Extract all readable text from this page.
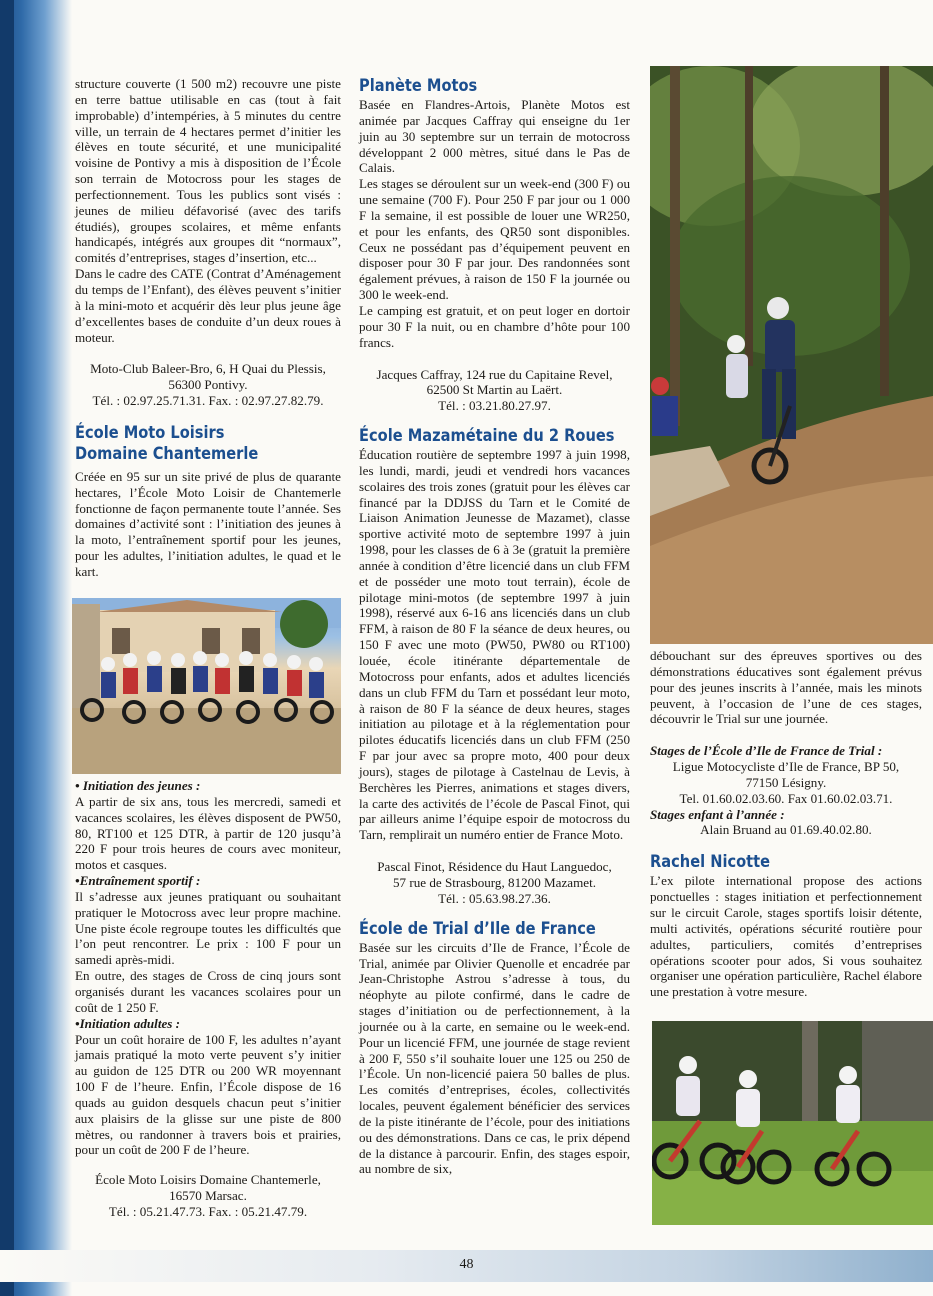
48

structure couverte (1 500 m2) recouvre une piste en terre battue utilisable en cas (tout à fait improbable) d’intempéries, à 5 minutes du centre ville, un terrain de 4 hectares permet d’initier les élèves en toute sécurité, et une municipalité voisine de Pontivy a mis à disposition de l’École son terrain de Motocross pour les stages de perfectionnement. Tous les publics sont visés : jeunes de milieu défavorisé (avec des tarifs étudiés), groupes scolaires, et même enfants handicapés, intégrés aux groupes dit “normaux”, comités d’entreprises, stages d’insertion, etc...

Dans le cadre des CATE (Contrat d’Aménagement du temps de l’Enfant), des élèves peuvent s’initier à la mini-moto et acquérir dès leur plus jeune âge d’excellentes bases de conduite d’un deux roues à moteur.

Moto-Club Baleer-Bro, 6, H Quai du Plessis,

56300 Pontivy.

Tél. : 02.97.25.71.31. Fax. : 02.97.27.82.79.

École Moto Loisirs
Domaine Chantemerle

Créée en 95 sur un site privé de plus de quarante hectares, l’École Moto Loisir de Chantemerle fonctionne de façon permanente toute l’année. Ses domaines d’activité sont : l’initiation des jeunes à la moto, l’entraînement sportif pour les jeunes, pour les adultes, l’initiation adultes, le quad et le kart.

• Initiation des jeunes :

A partir de six ans, tous les mercredi, samedi et vacances scolaires, les élèves disposent de PW50, 80, RT100 et 125 DTR, à partir de 120 jusqu’à 220 F pour trois heures de cours avec moniteur, motos et casques.

•Entraînement sportif :

Il s’adresse aux jeunes pratiquant ou souhaitant pratiquer le Motocross avec leur propre machine. Une piste école regroupe toutes les difficultés que l’on peut rencontrer. Le prix : 100 F pour un samedi après-midi.

En outre, des stages de Cross de cinq jours sont organisés durant les vacances scolaires pour un coût de 1 250 F.

•Initiation adultes :

Pour un coût horaire de 100 F, les adultes n’ayant jamais pratiqué la moto verte peuvent s’y initier au guidon de 125 DTR ou 200 WR moyennant 100 F de l’heure. Enfin, l’École dispose de 16 quads au guidon desquels chacun peut s’initier aux plaisirs de la glisse sur une piste de 800 mètres, ou randonner à travers bois et prairies, pour un coût de 200 F de l’heure.

École Moto Loisirs Domaine Chantemerle,

16570 Marsac.

Tél. : 05.21.47.73. Fax. : 05.21.47.79.

Planète Motos

Basée en Flandres-Artois, Planète Motos est animée par Jacques Caffray qui enseigne du 1er juin au 30 septembre sur un terrain de motocross développant 2 000 mètres, situé dans le Pas de Calais.

Les stages se déroulent sur un week-end (300 F) ou une semaine (700 F). Pour 250 F par jour ou 1 000 F la semaine, il est possible de louer une WR250, et pour les enfants, des QR50 sont disponibles. Ceux ne possédant pas d’équipement peuvent en disposer pour 30 F par jour. Des randonnées sont également prévues, à raison de 150 F la journée ou 300 le week-end.

Le camping est gratuit, et on peut loger en dortoir pour 30 F la nuit, ou en chambre d’hôte pour 100 francs.

Jacques Caffray, 124 rue du Capitaine Revel,

62500 St Martin au Laërt.

Tél. : 03.21.80.27.97.

École Mazamétaine du 2 Roues

Éducation routière de septembre 1997 à juin 1998, les lundi, mardi, jeudi et vendredi hors vacances scolaires des trois zones (gratuit pour les élèves car financé par la DDJSS du Tarn et le Comité de Liaison Animation Jeunesse de Mazamet), classe sportive activité moto de septembre 1997 à juin 1998, pour les classes de 6 à 3e (gratuit la première année à condition d’être licencié dans un club FFM et de posséder une moto tout terrain), école de pilotage mini-motos (de septembre 1997 à juin 1998), réservé aux 6-16 ans licenciés dans un club FFM, à raison de 80 F la séance de deux heures, ou 150 F avec une moto (PW50, PW80 ou RT100) louée, école itinérante départementale de Motocross pour enfants, ados et adultes licenciés dans un club FFM du Tarn et possédant leur moto, à raison de 80 F la séance de deux heures, stages initiation au pilotage et à la réglementation pour pilotes éducatifs licenciés dans un club FFM (250 F par jour avec sa propre moto, 400 pour deux jours), stages de pilotage à Castelnau de Levis, à Berchères les Pierres, animations et stages divers, la carte des activités de l’école de Pascal Finot, qui par ailleurs anime l’équipe espoir de motocross du Tarn, remplirait un numéro entier de France Moto.

Pascal Finot, Résidence du Haut Languedoc,

57 rue de Strasbourg, 81200 Mazamet.

Tél. : 05.63.98.27.36.

École de Trial d’Ile de France

Basée sur les circuits d’Ile de France, l’École de Trial, animée par Olivier Quenolle et encadrée par Jean-Christophe Astrou s’adresse à tous, du néophyte au pilote confirmé, dans le cadre de stages d’initiation ou de perfectionnement, à la journée ou à la carte, en semaine ou le week-end. Pour un licencié FFM, une journée de stage revient à 200 F, 550 s’il souhaite louer une 125 ou 250 de l’École. Un non-licencié paiera 50 balles de plus. Les comités d’entreprises, écoles, collectivités locales, peuvent également bénéficier des services de la piste itinérante de l’école, pour des initiations ou des démonstrations. Dans ce cas, le prix dépend de la distance à parcourir. Enfin, des stages espoir, au nombre de six,

débouchant sur des épreuves sportives ou des démonstrations éducatives sont également prévus pour des jeunes inscrits à l’année, mais les minots peuvent, à l’occasion de l’une de ces stages, découvrir le Trial sur une journée.

Stages de l’École d’Ile de France de Trial :

Ligue Motocycliste d’Ile de France, BP 50,

77150 Lésigny.

Tel. 01.60.02.03.60. Fax 01.60.02.03.71.

Stages enfant à l’année :

Alain Bruand au 01.69.40.02.80.

Rachel Nicotte

L’ex pilote international propose des actions ponctuelles : stages initiation et perfectionnement sur le circuit Carole, stages sportifs loisir détente, multi activités, opérations sécurité routière pour adultes, particuliers, comités d’entreprises opérations scooter pour ados, Si vous souhaitez organiser une opération particulière, Rachel élabore une prestation à votre mesure.
